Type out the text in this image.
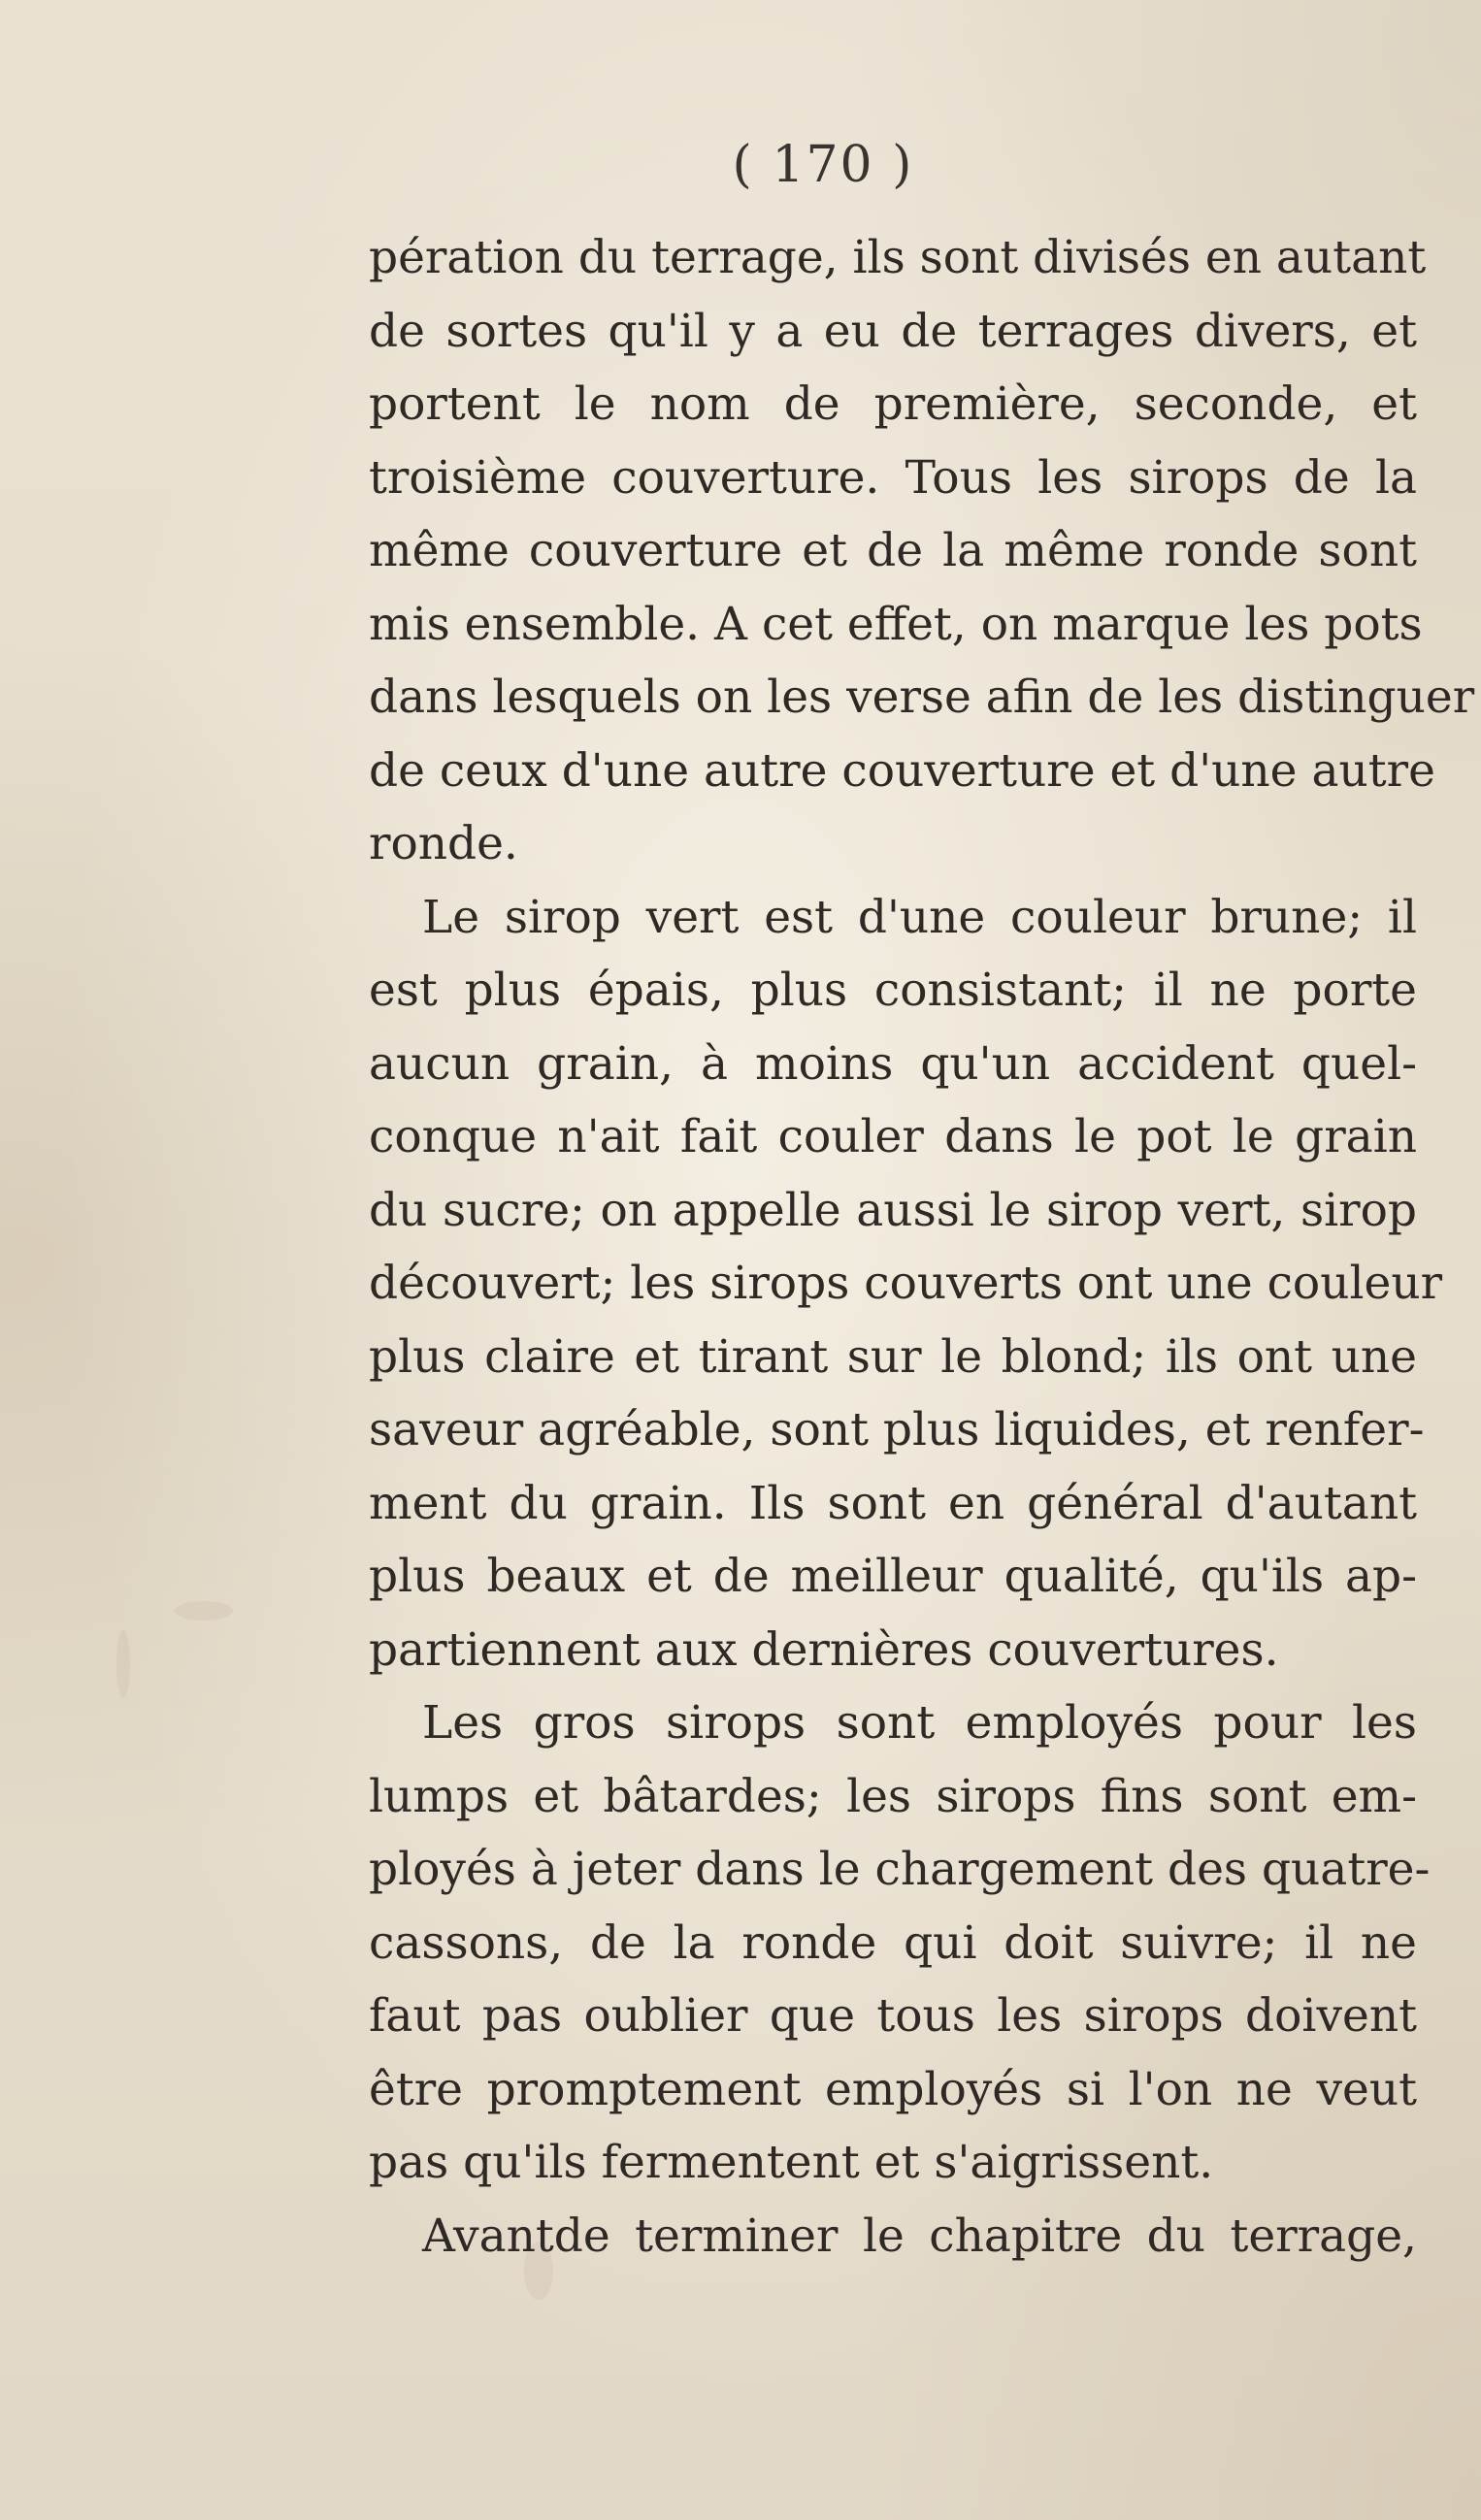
( 170 )
pération du terrage, ils sont divisés en autant
de sortes qu'il y a eu de terrages divers, et
portent le nom de première, seconde, et
troisième couverture. Tous les sirops de la
même couverture et de la même ronde sont
mis ensemble. A cet effet, on marque les pots
dans lesquels on les verse afin de les distinguer
de ceux d'une autre couverture et d'une autre
ronde.
Le sirop vert est d'une couleur brune; il
est plus épais, plus consistant; il ne porte
aucun grain, à moins qu'un accident quel-
conque n'ait fait couler dans le pot le grain
du sucre; on appelle aussi le sirop vert, sirop
découvert; les sirops couverts ont une couleur
plus claire et tirant sur le blond; ils ont une
saveur agréable, sont plus liquides, et renfer-
ment du grain. Ils sont en général d'autant
plus beaux et de meilleur qualité, qu'ils ap-
partiennent aux dernières couvertures.
Les gros sirops sont employés pour les
lumps et bâtardes; les sirops fins sont em-
ployés à jeter dans le chargement des quatre-
cassons, de la ronde qui doit suivre; il ne
faut pas oublier que tous les sirops doivent
être promptement employés si l'on ne veut
pas qu'ils fermentent et s'aigrissent.
Avantde terminer le chapitre du terrage,
